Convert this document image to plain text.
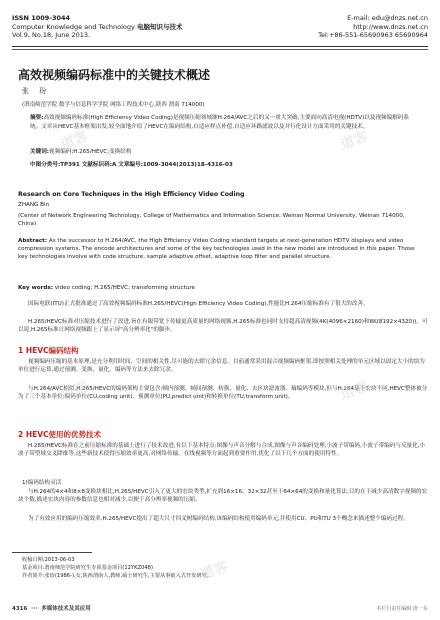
ISSN 1009-3044
Computer Knowledge and Technology 电脑知识与技术
Vol.9, No.18, June 2013.
E-mail: edu@dnzs.net.cn
http://www.dnzs.net.cn
Tel:+86-551-65690963 65690964
高效视频编码标准中的关键技术概述
张 玢
(渭南师范学院 数学与信息科学学院 网络工程技术中心,陕西 渭南 714000)
摘要:高效视频编码标准(High Efficiency Video Coding)是视频压缩领域继H.264/AVC之后的又一重大突破,主要面向高清电视(HDTV)以及视频编解码系统。文章从HEVC基本框架出发,较全面地介绍了HEVC在编码结构,自适应样点补偿,自适应环路滤波以及并行化设计方面采用的关键技术。
关键词:视频编码;H.265/HEVC;变换结构
中图分类号:TP391 文献标识码:A 文章编号:1009-3044(2013)18-4316-03
Research on Core Techniques in the High Efficiency Video Coding
ZHANG Bin
(Center of Network Engineering Technology, College of Mathematics and Information Science, Weinan Normal University, Weinan 714000, China)
Abstract: As the successor to H.264/AVC, the High Efficiency Video Coding standard targets at next-generation HDTV displays and video compression systems. The encode architectures and some of the key technologies used in the new model are introduced in this paper. Those key technologies involve with code structure, sample adaptive offset, adaptive loop filter and parallel structure.
Key words: video coding; H.265/HEVC; transforming structure
国际电联(ITU)正式批准通过了高效视频编码标准H.265/HEVC(High Efficiency Video Coding),性能比H.264压缩标准有了很大的改善。
H.265/HEVC标准对压缩技术进行了改进,旨在有限带宽下传输更高质量的网络视频,H.265标准也同时支持超高清视频(4K(4096×2160)和8K(8192×4320))。可以说,H.265标准让网络视频跟上了显示屏"高分辨率化"的脚步。
1 HEVC编码结构
视频编码压缩的基本原理,是充分利用时间、空间的相关性,尽可能的去除冗余信息。目前通常采用混合视频编码框架,即按照相关处理的单元区域以固定大小的块为单位进行运算,通过预测、变换、量化、编码等方法来去除冗余。
与H.264/AVC相似,H.265/HEVC的编码架构主要包含:帧内预测、帧间预测、转换、量化、去区块滤波器、熵编码等模块,但与H.264基于宏块不同,HEVC整体被分为了三个基本单位:编码单位(CU,coding unit)、预测单位(PU,predict unit)和转换单位(TU,transform unit)。
2 HEVC使用的优势技术
H.265/HEVC标准在之前压缩标准的基础上进行了技术改进,有以下基本特点:图像与声音分解与合成,图像与声音编码处理,小波子带编码,小波子带编码与反量化,小波子带型域交叉降维等,这些新技术使得压缩效率更高,对网络传输、在线视频等方面起到重要作用,优化了以下几个方面的使用特性。
1)编码结构灵活
与H.264的4×4和8×8变换块相比,H.265/HEVC引入了更大的宏块类型,扩充到16×16、32×32甚至于64×64的变换和量化算法,目的在于减少高清数字视频的宏块个数,描述宏块内容的参数信息也相对减少,以便于高分辨率视频的压缩。
为了有效应用的编码压缩效率,H.265/HEVC提出了超大尺寸四叉树编码结构,该编码结构使用编码单元,并使用CU、PU和TU 3个概念来描述整个编码过程。
收稿日期:2013-06-03
基金项目:渭南师范学院研究生专项基金项目(12YKZ048)
作者简介:张玢(1986-),女,陕西渭南人,教师,硕士研究生,主要从事嵌入式开发研究。
4316 ··· 多媒体技术及其应用	本栏目责任编辑:唐一东
道客	道客
道客	道客
道客
